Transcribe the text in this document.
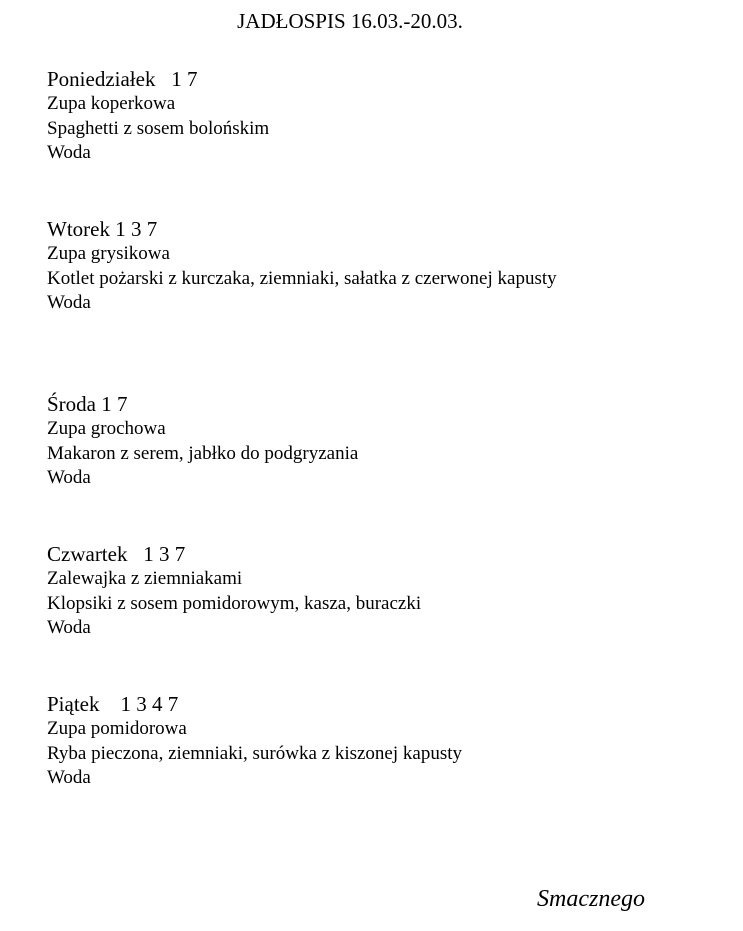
JADŁOSPIS 16.03.-20.03.
Poniedziałek 1 7
Zupa koperkowa
Spaghetti z sosem bolońskim
Woda
Wtorek 1 3 7
Zupa grysikowa
Kotlet pożarski z kurczaka, ziemniaki, sałatka z czerwonej kapusty
Woda
Środa 1 7
Zupa grochowa
Makaron z serem, jabłko do podgryzania
Woda
Czwartek 1 3 7
Zalewajka z ziemniakami
Klopsiki z sosem pomidorowym, kasza, buraczki
Woda
Piątek 1 3 4 7
Zupa pomidorowa
Ryba pieczona, ziemniaki, surówka z kiszonej kapusty
Woda
Smacznego
